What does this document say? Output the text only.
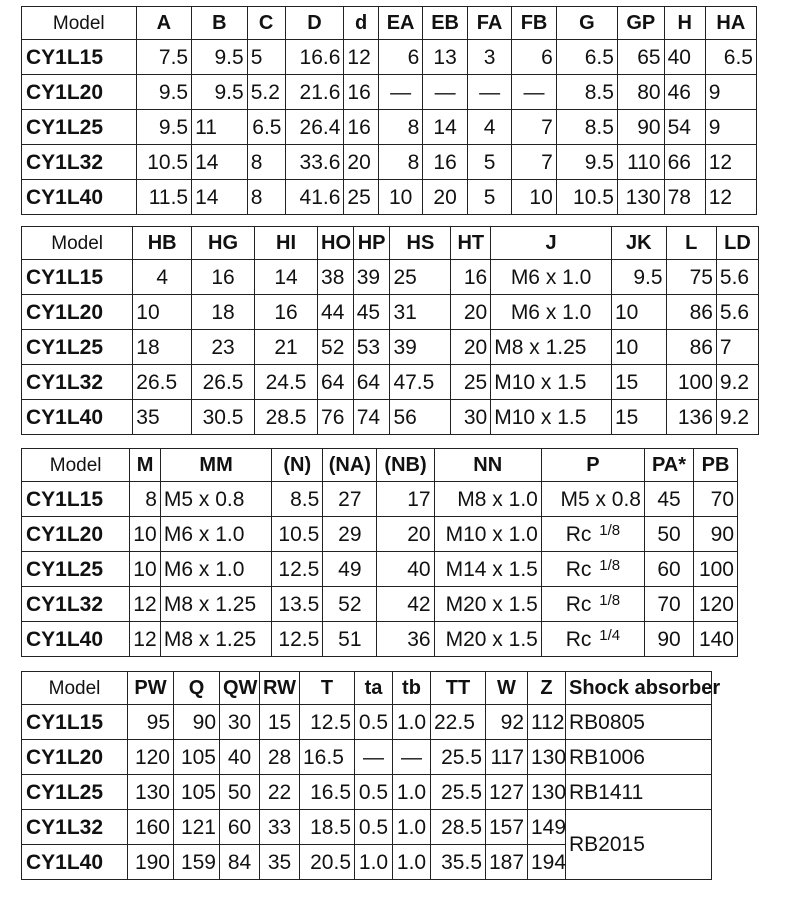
Model	A	B	C	D	d	EA	EB	FA	FB	G	GP	H	HA
CY1L15	7.5	9.5	5	16.6	12	6	13	3	6	6.5	65	40	6.5
CY1L20	9.5	9.5	5.2	21.6	16	—	—	—	—	8.5	80	46	9
CY1L25	9.5	11	6.5	26.4	16	8	14	4	7	8.5	90	54	9
CY1L32	10.5	14	8	33.6	20	8	16	5	7	9.5	110	66	12
CY1L40	11.5	14	8	41.6	25	10	20	5	10	10.5	130	78	12
Model	HB	HG	HI	HO	HP	HS	HT	J	JK	L	LD
CY1L15	4	16	14	38	39	25	16	M6 x 1.0	9.5	75	5.6
CY1L20	10	18	16	44	45	31	20	M6 x 1.0	10	86	5.6
CY1L25	18	23	21	52	53	39	20	M8 x 1.25	10	86	7
CY1L32	26.5	26.5	24.5	64	64	47.5	25	M10 x 1.5	15	100	9.2
CY1L40	35	30.5	28.5	76	74	56	30	M10 x 1.5	15	136	9.2
Model	M	MM	(N)	(NA)	(NB)	NN	P	PA*	PB
CY1L15	8	M5 x 0.8	8.5	27	17	M8 x 1.0	M5 x 0.8	45	70
CY1L20	10	M6 x 1.0	10.5	29	20	M10 x 1.0	Rc $^{1/8}$	50	90
CY1L25	10	M6 x 1.0	12.5	49	40	M14 x 1.5	Rc $^{1/8}$	60	100
CY1L32	12	M8 x 1.25	13.5	52	42	M20 x 1.5	Rc $^{1/8}$	70	120
CY1L40	12	M8 x 1.25	12.5	51	36	M20 x 1.5	Rc $^{1/4}$	90	140
Model	PW	Q	QW	RW	T	ta	tb	TT	W	Z	Shock absorber
CY1L15	95	90	30	15	12.5	0.5	1.0	22.5	92	112	RB0805
CY1L20	120	105	40	28	16.5	—	—	25.5	117	130	RB1006
CY1L25	130	105	50	22	16.5	0.5	1.0	25.5	127	130	RB1411
CY1L32	160	121	60	33	18.5	0.5	1.0	28.5	157	149	RB2015
CY1L40	190	159	84	35	20.5	1.0	1.0	35.5	187	194	
